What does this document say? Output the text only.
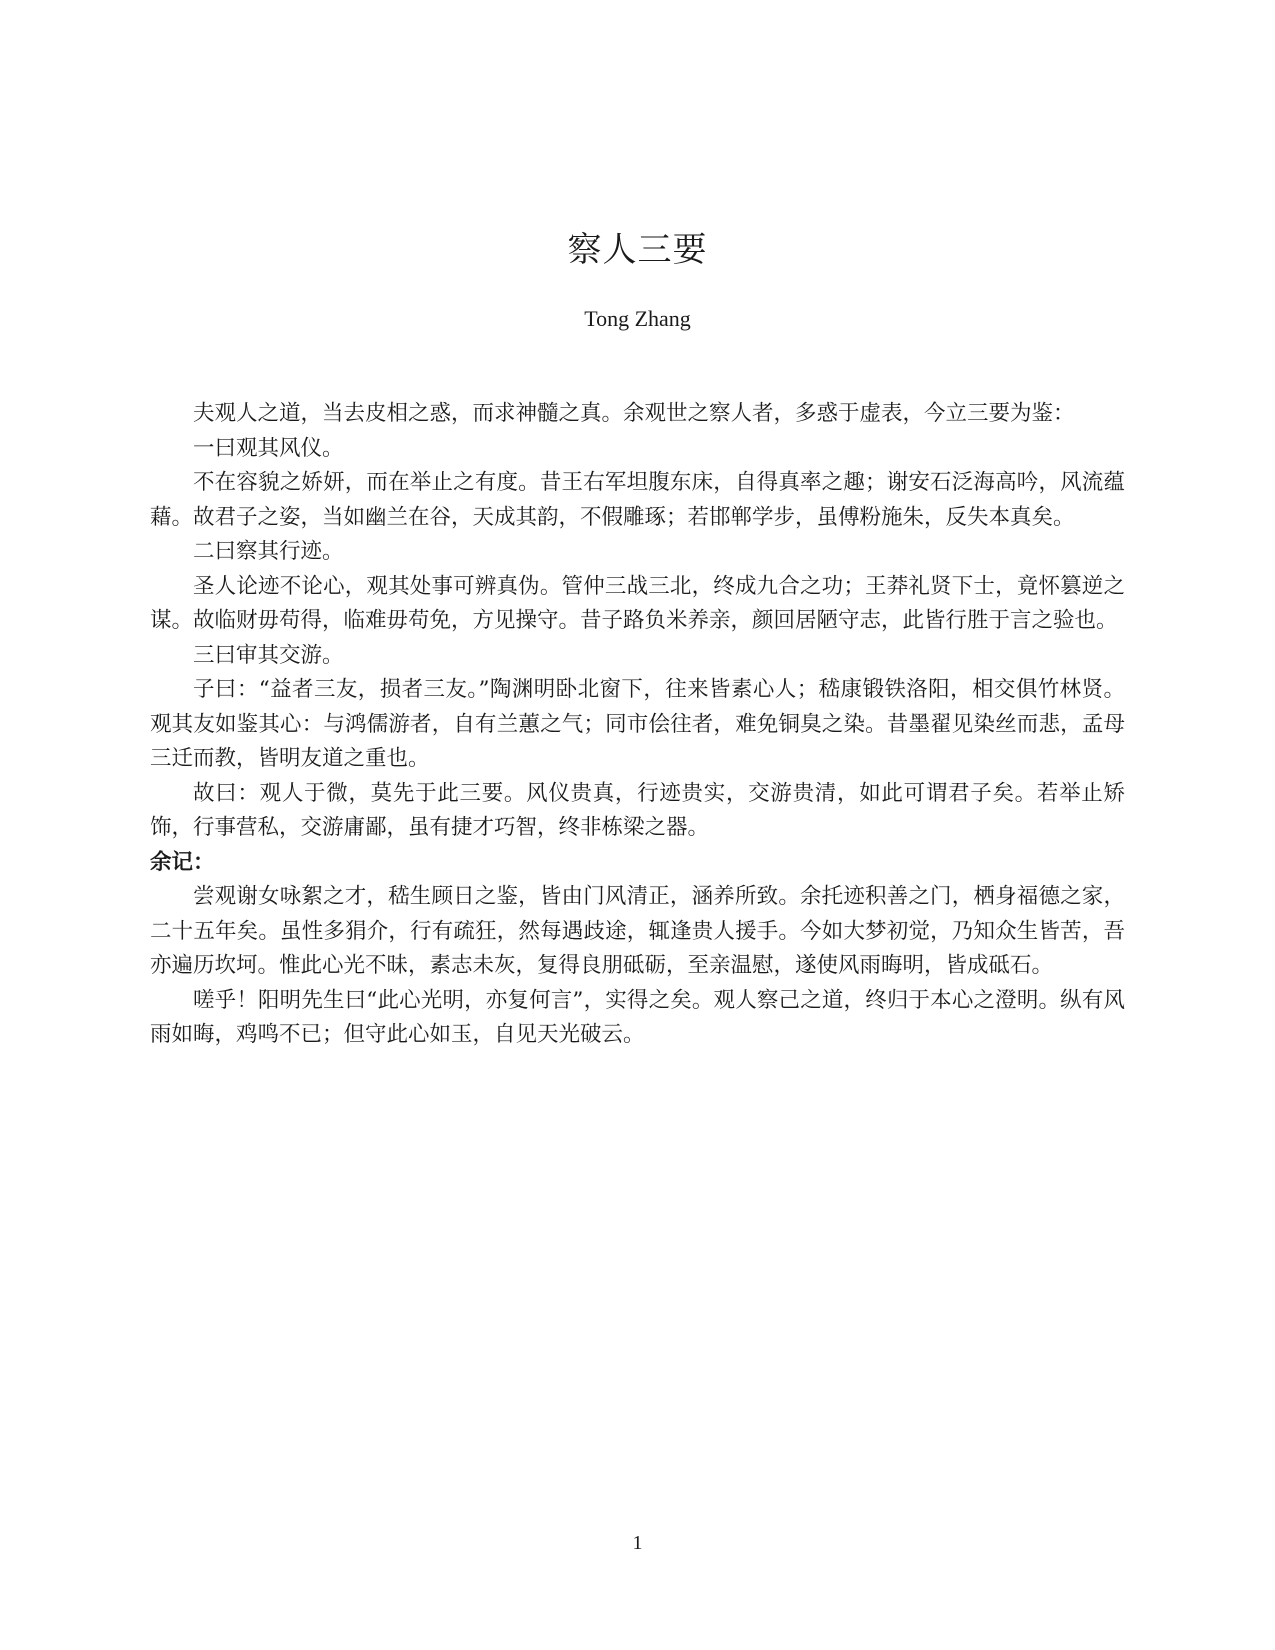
察人三要
Tong Zhang

夫观人之道，当去皮相之惑，而求神髓之真。余观世之察人者，多惑于虚表，今立三要为鉴：

一曰观其风仪。

不在容貌之娇妍，而在举止之有度。昔王右军坦腹东床，自得真率之趣；谢安石泛海高吟，风流蕴藉。故君子之姿，当如幽兰在谷，天成其韵，不假雕琢；若邯郸学步，虽傅粉施朱，反失本真矣。

二曰察其行迹。

圣人论迹不论心，观其处事可辨真伪。管仲三战三北，终成九合之功；王莽礼贤下士，竟怀篡逆之谋。故临财毋苟得，临难毋苟免，方见操守。昔子路负米养亲，颜回居陋守志，此皆行胜于言之验也。

三曰审其交游。

子曰：“益者三友，损者三友。”陶渊明卧北窗下，往来皆素心人；嵇康锻铁洛阳，相交俱竹林贤。观其友如鉴其心：与鸿儒游者，自有兰蕙之气；同市侩往者，难免铜臭之染。昔墨翟见染丝而悲，孟母三迁而教，皆明友道之重也。

故曰：观人于微，莫先于此三要。风仪贵真，行迹贵实，交游贵清，如此可谓君子矣。若举止矫饰，行事营私，交游庸鄙，虽有捷才巧智，终非栋梁之器。

余记：

尝观谢女咏絮之才，嵇生顾日之鉴，皆由门风清正，涵养所致。余托迹积善之门，栖身福德之家，二十五年矣。虽性多狷介，行有疏狂，然每遇歧途，辄逢贵人援手。今如大梦初觉，乃知众生皆苦，吾亦遍历坎坷。惟此心光不昧，素志未灰，复得良朋砥砺，至亲温慰，遂使风雨晦明，皆成砥石。

嗟乎！阳明先生曰“此心光明，亦复何言”，实得之矣。观人察己之道，终归于本心之澄明。纵有风雨如晦，鸡鸣不已；但守此心如玉，自见天光破云。

1
